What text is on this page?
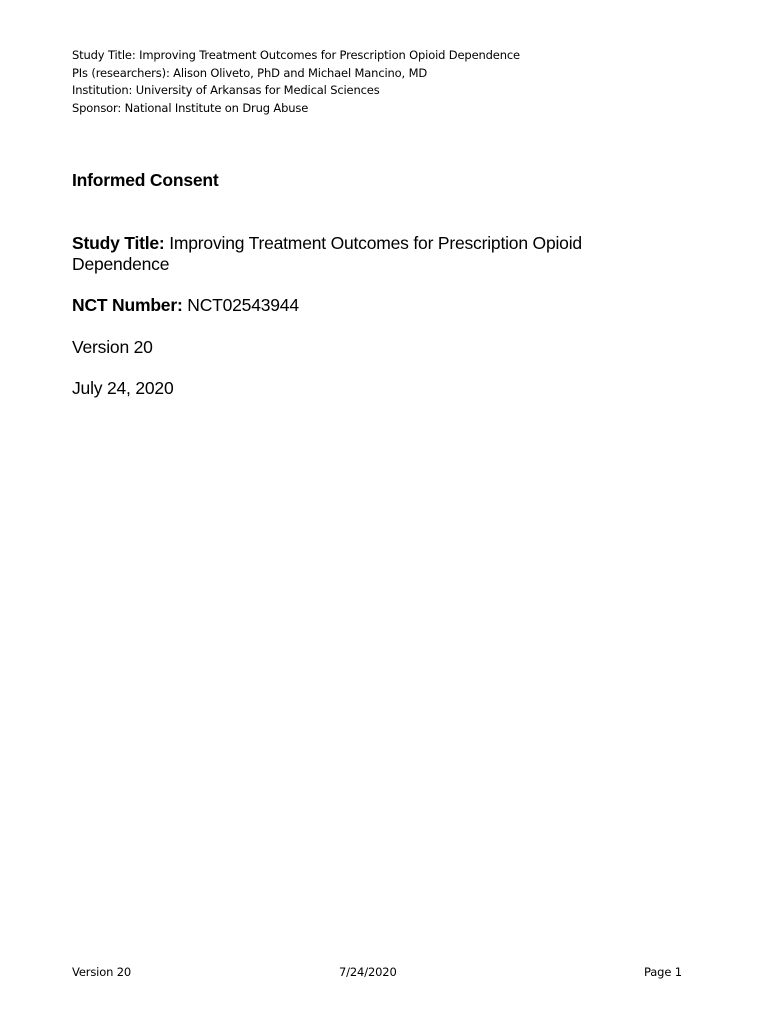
Study Title: Improving Treatment Outcomes for Prescription Opioid Dependence
PIs (researchers): Alison Oliveto, PhD and Michael Mancino, MD
Institution: University of Arkansas for Medical Sciences
Sponsor: National Institute on Drug Abuse
Informed Consent
Study Title: Improving Treatment Outcomes for Prescription Opioid Dependence
NCT Number: NCT02543944
Version 20
July 24, 2020
Version 20	7/24/2020	Page 1
